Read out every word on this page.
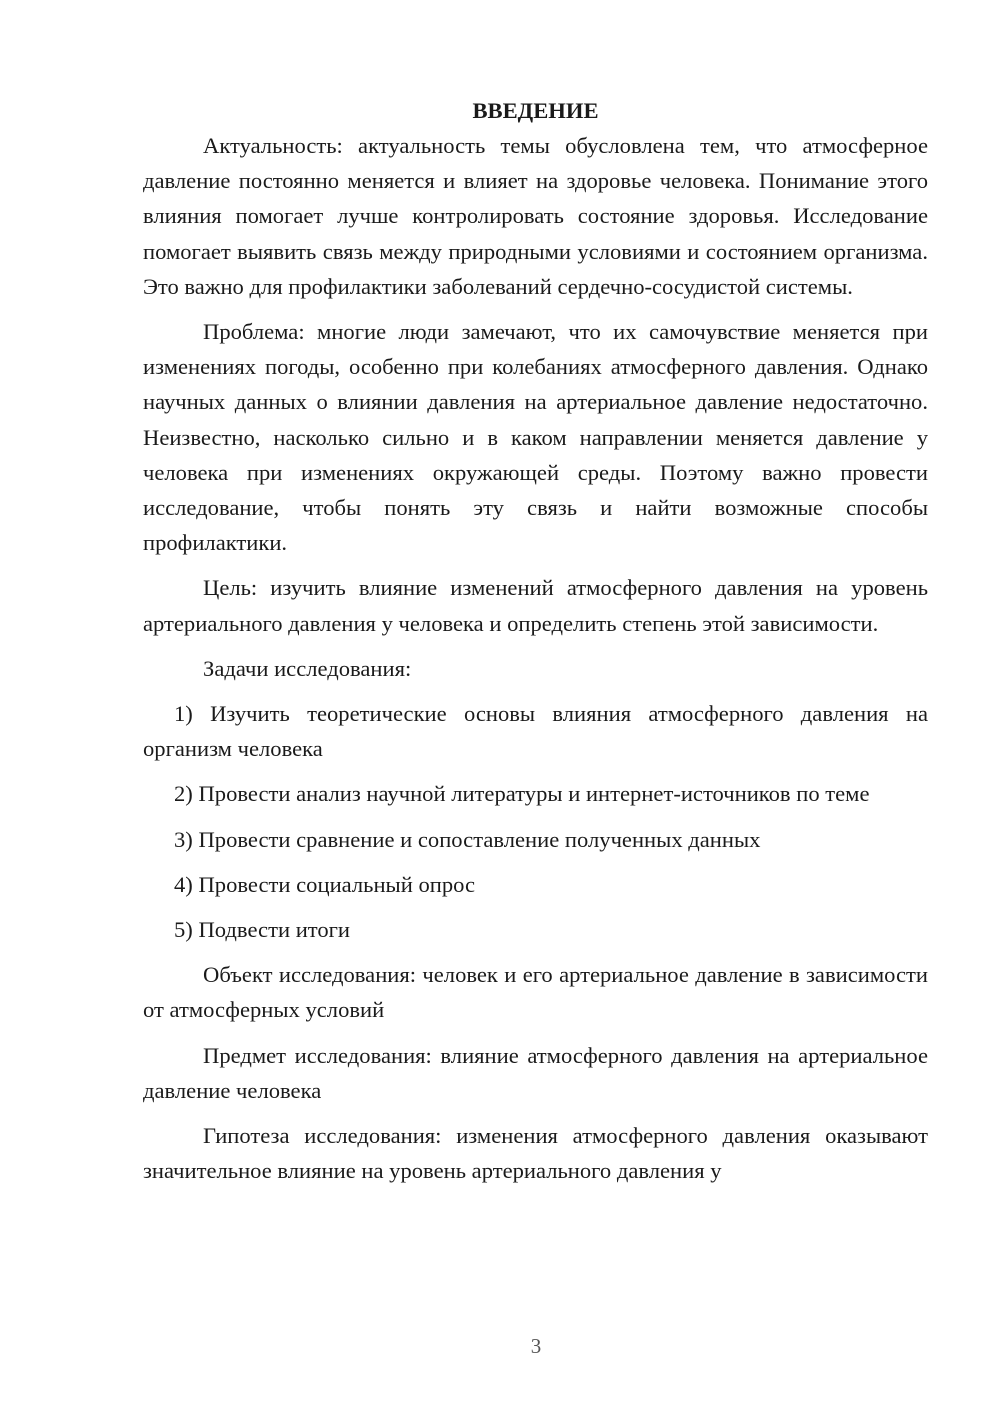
ВВЕДЕНИЕ

Актуальность: актуальность темы обусловлена тем, что атмосферное давление постоянно меняется и влияет на здоровье человека. Понимание этого влияния помогает лучше контролировать состояние здоровья. Исследование помогает выявить связь между природными условиями и состоянием организма. Это важно для профилактики заболеваний сердечно-сосудистой системы.

Проблема: многие люди замечают, что их самочувствие меняется при изменениях погоды, особенно при колебаниях атмосферного давления. Однако научных данных о влиянии давления на артериальное давление недостаточно. Неизвестно, насколько сильно и в каком направлении меняется давление у человека при изменениях окружающей среды. Поэтому важно провести исследование, чтобы понять эту связь и найти возможные способы профилактики.

Цель: изучить влияние изменений атмосферного давления на уровень артериального давления у человека и определить степень этой зависимости.

Задачи исследования:

1) Изучить теоретические основы влияния атмосферного давления на организм человека

2) Провести анализ научной литературы и интернет-источников по теме

3) Провести сравнение и сопоставление полученных данных

4) Провести социальный опрос

5) Подвести итоги

Объект исследования: человек и его артериальное давление в зависимости от атмосферных условий

Предмет исследования: влияние атмосферного давления на артериальное давление человека

Гипотеза исследования: изменения атмосферного давления оказывают значительное влияние на уровень артериального давления у

3
